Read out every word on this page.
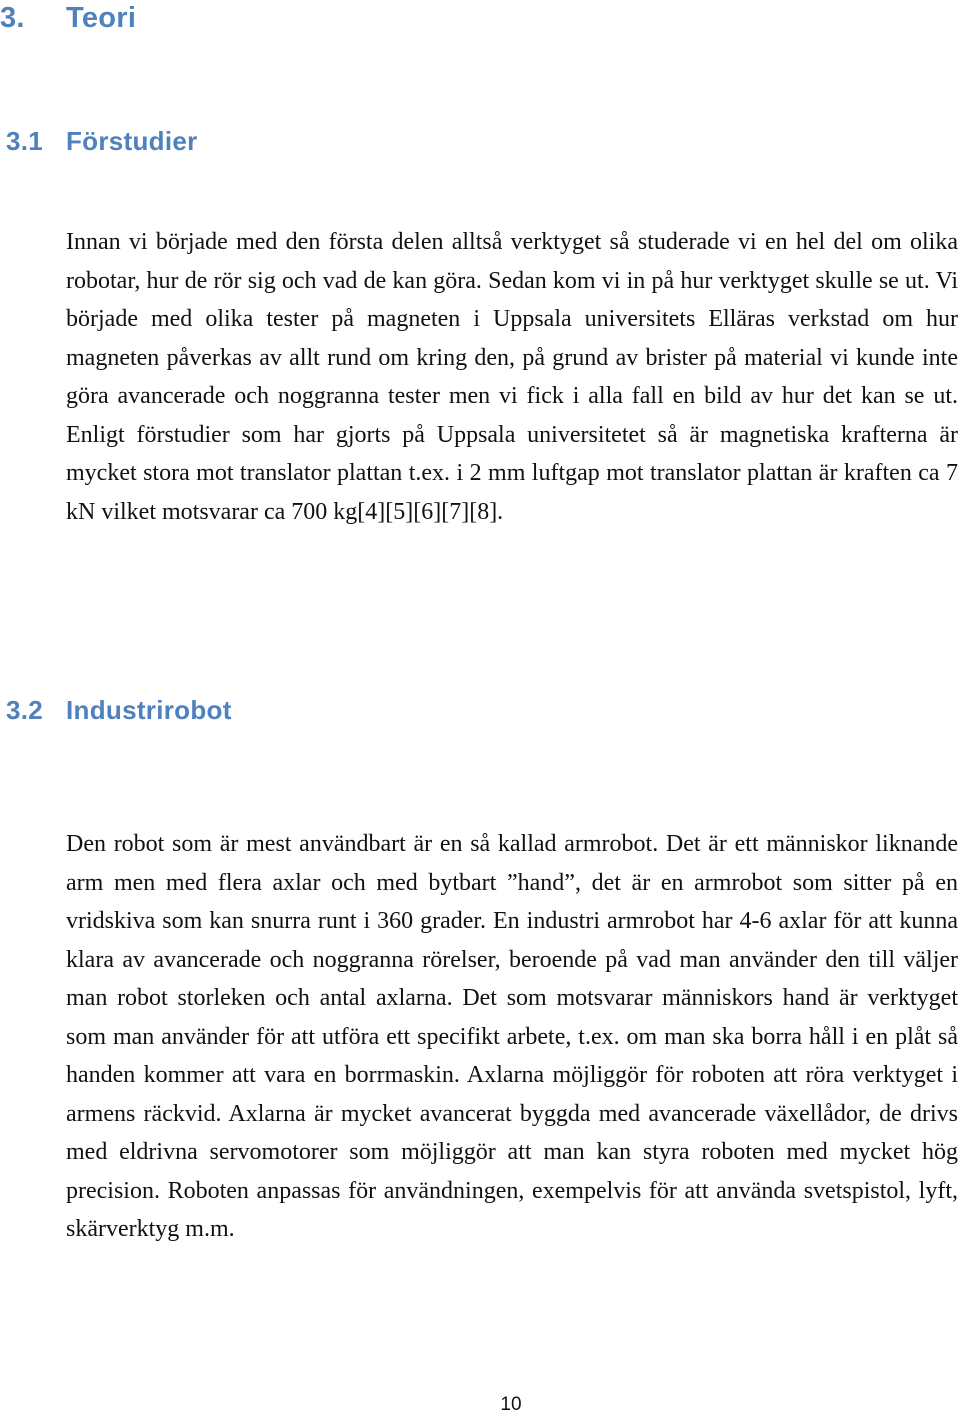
3. Teori
3.1 Förstudier

Innan vi började med den första delen alltså verktyget så studerade vi en hel del om olika robotar, hur de rör sig och vad de kan göra. Sedan kom vi in på hur verktyget skulle se ut. Vi började med olika tester på magneten i Uppsala universitets Elläras verkstad om hur magneten påverkas av allt rund om kring den, på grund av brister på material vi kunde inte göra avancerade och noggranna tester men vi fick i alla fall en bild av hur det kan se ut. Enligt förstudier som har gjorts på Uppsala universitetet så är magnetiska krafterna är mycket stora mot translator plattan t.ex. i 2 mm luftgap mot translator plattan är kraften ca 7 kN vilket motsvarar ca 700 kg[4][5][6][7][8].

3.2 Industrirobot

Den robot som är mest användbart är en så kallad armrobot. Det är ett människor liknande arm men med flera axlar och med bytbart ”hand”, det är en armrobot som sitter på en vridskiva som kan snurra runt i 360 grader. En industri armrobot har 4-6 axlar för att kunna klara av avancerade och noggranna rörelser, beroende på vad man använder den till väljer man robot storleken och antal axlarna. Det som motsvarar människors hand är verktyget som man använder för att utföra ett specifikt arbete, t.ex. om man ska borra håll i en plåt så handen kommer att vara en borrmaskin. Axlarna möjliggör för roboten att röra verktyget i armens räckvid. Axlarna är mycket avancerat byggda med avancerade växellådor, de drivs med eldrivna servomotorer som möjliggör att man kan styra roboten med mycket hög precision. Roboten anpassas för användningen, exempelvis för att använda svetspistol, lyft, skärverktyg m.m.

10
